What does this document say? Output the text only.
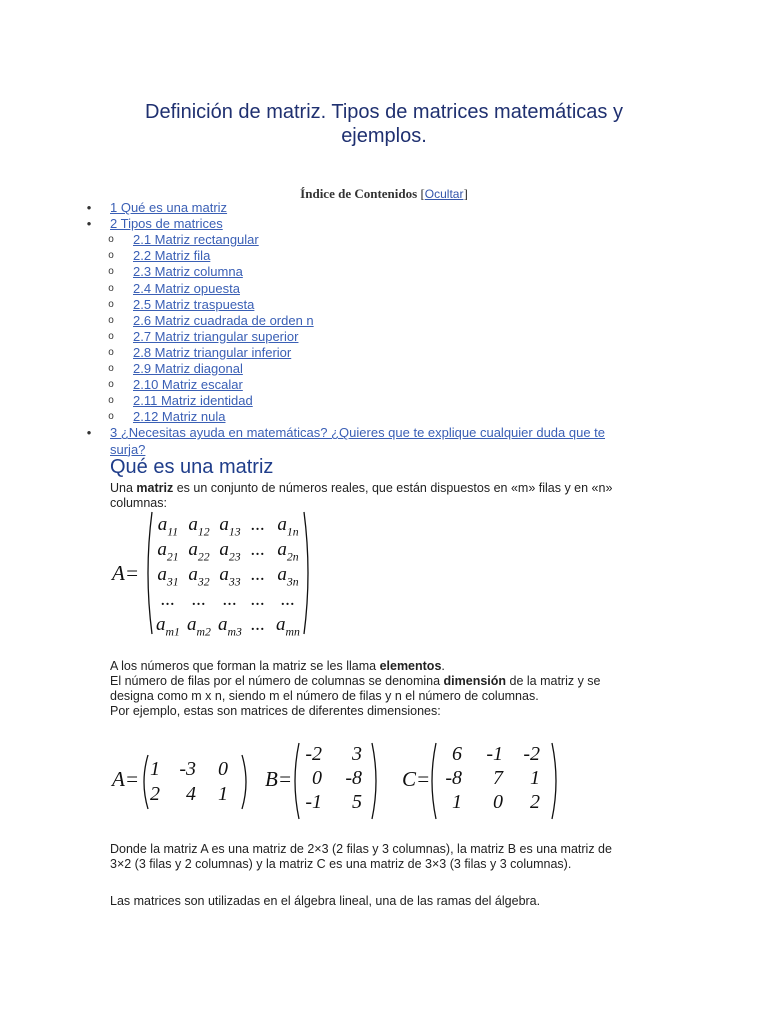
Definición de matriz. Tipos de matrices matemáticas y
ejemplos.
Índice de Contenidos [Ocultar]
• 1 Qué es una matriz
• 2 Tipos de matrices
o 2.1 Matriz rectangular
o 2.2 Matriz fila
o 2.3 Matriz columna
o 2.4 Matriz opuesta
o 2.5 Matriz traspuesta
o 2.6 Matriz cuadrada de orden n
o 2.7 Matriz triangular superior
o 2.8 Matriz triangular inferior
o 2.9 Matriz diagonal
o 2.10 Matriz escalar
o 2.11 Matriz identidad
o 2.12 Matriz nula
• 3 ¿Necesitas ayuda en matemáticas? ¿Quieres que te explique cualquier duda que te
surja?
Qué es una matriz
Una matriz es un conjunto de números reales, que están dispuestos en «m» filas y en «n»
columnas:
A=
$a_{11}$ $a_{12}$ $a_{13}$ ... $a_{1n}$
$a_{21}$ $a_{22}$ $a_{23}$ ... $a_{2n}$
$a_{31}$ $a_{32}$ $a_{33}$ ... $a_{3n}$
... ... ... ... ...
$a_{m1}$ $a_{m2}$ $a_{m3}$ ... $a_{mn}$
A los números que forman la matriz se les llama elementos.
El número de filas por el número de columnas se denomina dimensión de la matriz y se
designa como m x n, siendo m el número de filas y n el número de columnas.
Por ejemplo, estas son matrices de diferentes dimensiones:
A= 1 -3 0
2 4 1
B=
-2 3
0 -8
-1 5
C=
6 -1 -2
-8 7 1
1 0 2
Donde la matriz A es una matriz de 2×3 (2 filas y 3 columnas), la matriz B es una matriz de
3×2 (3 filas y 2 columnas) y la matriz C es una matriz de 3×3 (3 filas y 3 columnas).
Las matrices son utilizadas en el álgebra lineal, una de las ramas del álgebra.
